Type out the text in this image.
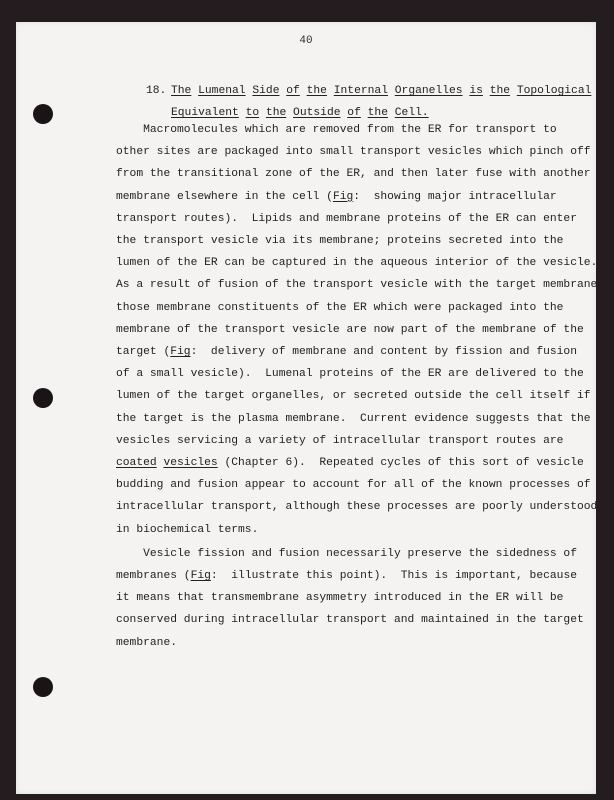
40
18. The Lumenal Side of the Internal Organelles is the Topological
Equivalent to the Outside of the Cell.
Macromolecules which are removed from the ER for transport to
other sites are packaged into small transport vesicles which pinch off
from the transitional zone of the ER, and then later fuse with another
membrane elsewhere in the cell (Fig:  showing major intracellular
transport routes).  Lipids and membrane proteins of the ER can enter
the transport vesicle via its membrane; proteins secreted into the
lumen of the ER can be captured in the aqueous interior of the vesicle.
As a result of fusion of the transport vesicle with the target membrane
those membrane constituents of the ER which were packaged into the
membrane of the transport vesicle are now part of the membrane of the
target (Fig:  delivery of membrane and content by fission and fusion
of a small vesicle).  Lumenal proteins of the ER are delivered to the
lumen of the target organelles, or secreted outside the cell itself if
the target is the plasma membrane.  Current evidence suggests that the
vesicles servicing a variety of intracellular transport routes are
coated vesicles (Chapter 6).  Repeated cycles of this sort of vesicle
budding and fusion appear to account for all of the known processes of
intracellular transport, although these processes are poorly understood
in biochemical terms.
Vesicle fission and fusion necessarily preserve the sidedness of
membranes (Fig:  illustrate this point).  This is important, because
it means that transmembrane asymmetry introduced in the ER will be
conserved during intracellular transport and maintained in the target
membrane.
